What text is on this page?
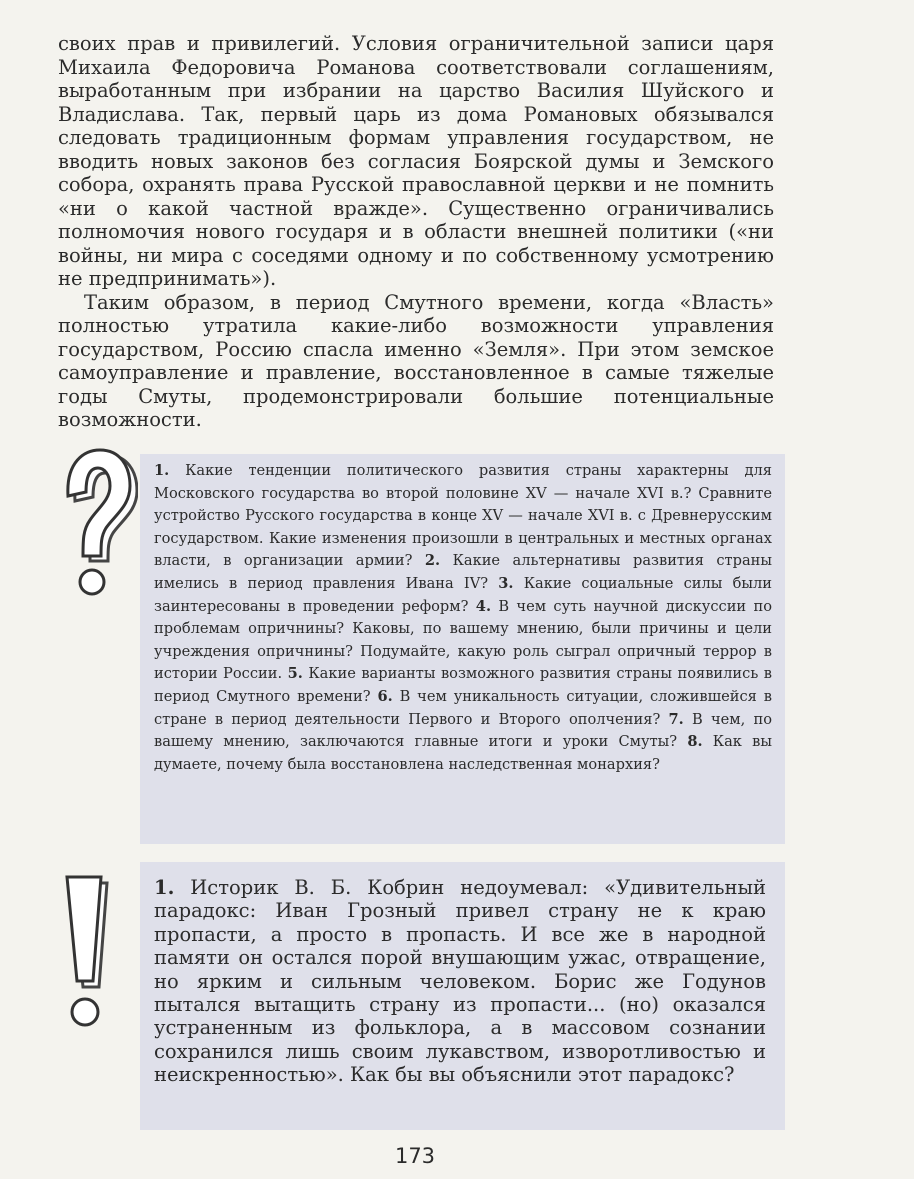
своих прав и привилегий. Условия ограничительной записи царя Михаила Федоровича Романова соответствовали соглашениям, выработанным при избрании на царство Василия Шуйского и Владислава. Так, первый царь из дома Романовых обязывался следовать традиционным формам управления государством, не вводить новых законов без согласия Боярской думы и Земского собора, охранять права Русской православной церкви и не помнить «ни о какой частной вражде». Существенно ограничивались полномочия нового государя и в области внешней политики («ни войны, ни мира с соседями одному и по собственному усмотрению не предпринимать»).

Таким образом, в период Смутного времени, когда «Власть» полностью утратила какие-либо возможности управления государством, Россию спасла именно «Земля». При этом земское самоуправление и правление, восстановленное в самые тяжелые годы Смуты, продемонстрировали большие потенциальные возможности.

1. Какие тенденции политического развития страны характерны для Московского государства во второй половине XV — начале XVI в.? Сравните устройство Русского государства в конце XV — начале XVI в. с Древнерусским государством. Какие изменения произошли в центральных и местных органах власти, в организации армии? 2. Какие альтернативы развития страны имелись в период правления Ивана IV? 3. Какие социальные силы были заинтересованы в проведении реформ? 4. В чем суть научной дискуссии по проблемам опричнины? Каковы, по вашему мнению, были причины и цели учреждения опричнины? Подумайте, какую роль сыграл опричный террор в истории России. 5. Какие варианты возможного развития страны появились в период Смутного времени? 6. В чем уникальность ситуации, сложившейся в стране в период деятельности Первого и Второго ополчения? 7. В чем, по вашему мнению, заключаются главные итоги и уроки Смуты? 8. Как вы думаете, почему была восстановлена наследственная монархия?
1. Историк В. Б. Кобрин недоумевал: «Удивительный парадокс: Иван Грозный привел страну не к краю пропасти, а просто в пропасть. И все же в народной памяти он остался порой внушающим ужас, отвращение, но ярким и сильным человеком. Борис же Годунов пытался вытащить страну из пропасти... (но) оказался устраненным из фольклора, а в массовом сознании сохранился лишь своим лукавством, изворотливостью и неискренностью». Как бы вы объяснили этот парадокс?
173
